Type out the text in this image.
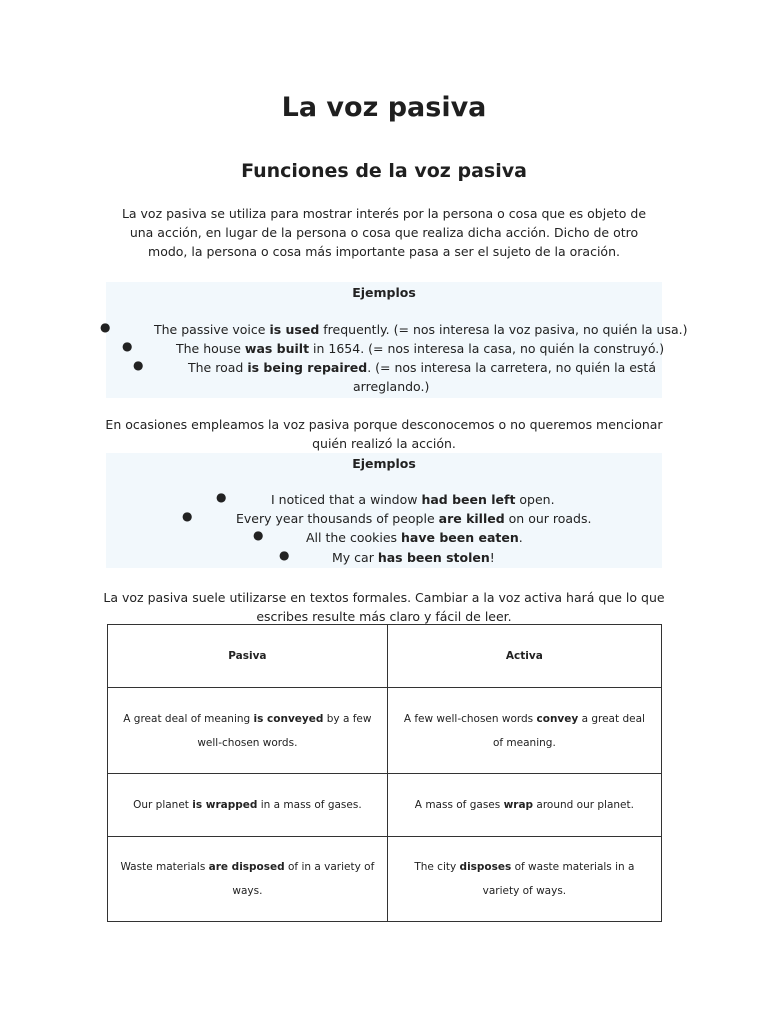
La voz pasiva
Funciones de la voz pasiva
La voz pasiva se utiliza para mostrar interés por la persona o cosa que es objeto de una acción, en lugar de la persona o cosa que realiza dicha acción. Dicho de otro modo, la persona o cosa más importante pasa a ser el sujeto de la oración.
Ejemplos
●	The passive voice is used frequently. (= nos interesa la voz pasiva, no quién la usa.)
●	The house was built in 1654. (= nos interesa la casa, no quién la construyó.)
●	The road is being repaired. (= nos interesa la carretera, no quién la está
arreglando.)
En ocasiones empleamos la voz pasiva porque desconocemos o no queremos mencionar quién realizó la acción.
Ejemplos
●	I noticed that a window had been left open.
●	Every year thousands of people are killed on our roads.
●	All the cookies have been eaten.
●	My car has been stolen!
La voz pasiva suele utilizarse en textos formales. Cambiar a la voz activa hará que lo que escribes resulte más claro y fácil de leer.
Pasiva	Activa
A great deal of meaning is conveyed by a few well-chosen words.	A few well-chosen words convey a great deal of meaning.
Our planet is wrapped in a mass of gases.	A mass of gases wrap around our planet.
Waste materials are disposed of in a variety of ways.	The city disposes of waste materials in a variety of ways.
